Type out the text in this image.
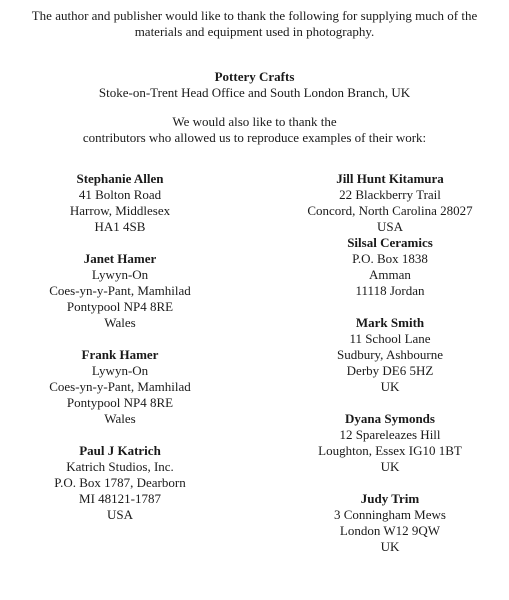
The author and publisher would like to thank the following for supplying much of the
materials and equipment used in photography.
Pottery Crafts
Stoke-on-Trent Head Office and South London Branch, UK
We would also like to thank the
contributors who allowed us to reproduce examples of their work:
Stephanie Allen
41 Bolton Road
Harrow, Middlesex
HA1 4SB
Janet Hamer
Lywyn-On
Coes-yn-y-Pant, Mamhilad
Pontypool NP4 8RE
Wales
Frank Hamer
Lywyn-On
Coes-yn-y-Pant, Mamhilad
Pontypool NP4 8RE
Wales
Paul J Katrich
Katrich Studios, Inc.
P.O. Box 1787, Dearborn
MI 48121-1787
USA
Jill Hunt Kitamura
22 Blackberry Trail
Concord, North Carolina 28027
USA
Silsal Ceramics
P.O. Box 1838
Amman
11118 Jordan
Mark Smith
11 School Lane
Sudbury, Ashbourne
Derby DE6 5HZ
UK
Dyana Symonds
12 Spareleazes Hill
Loughton, Essex IG10 1BT
UK
Judy Trim
3 Conningham Mews
London W12 9QW
UK
